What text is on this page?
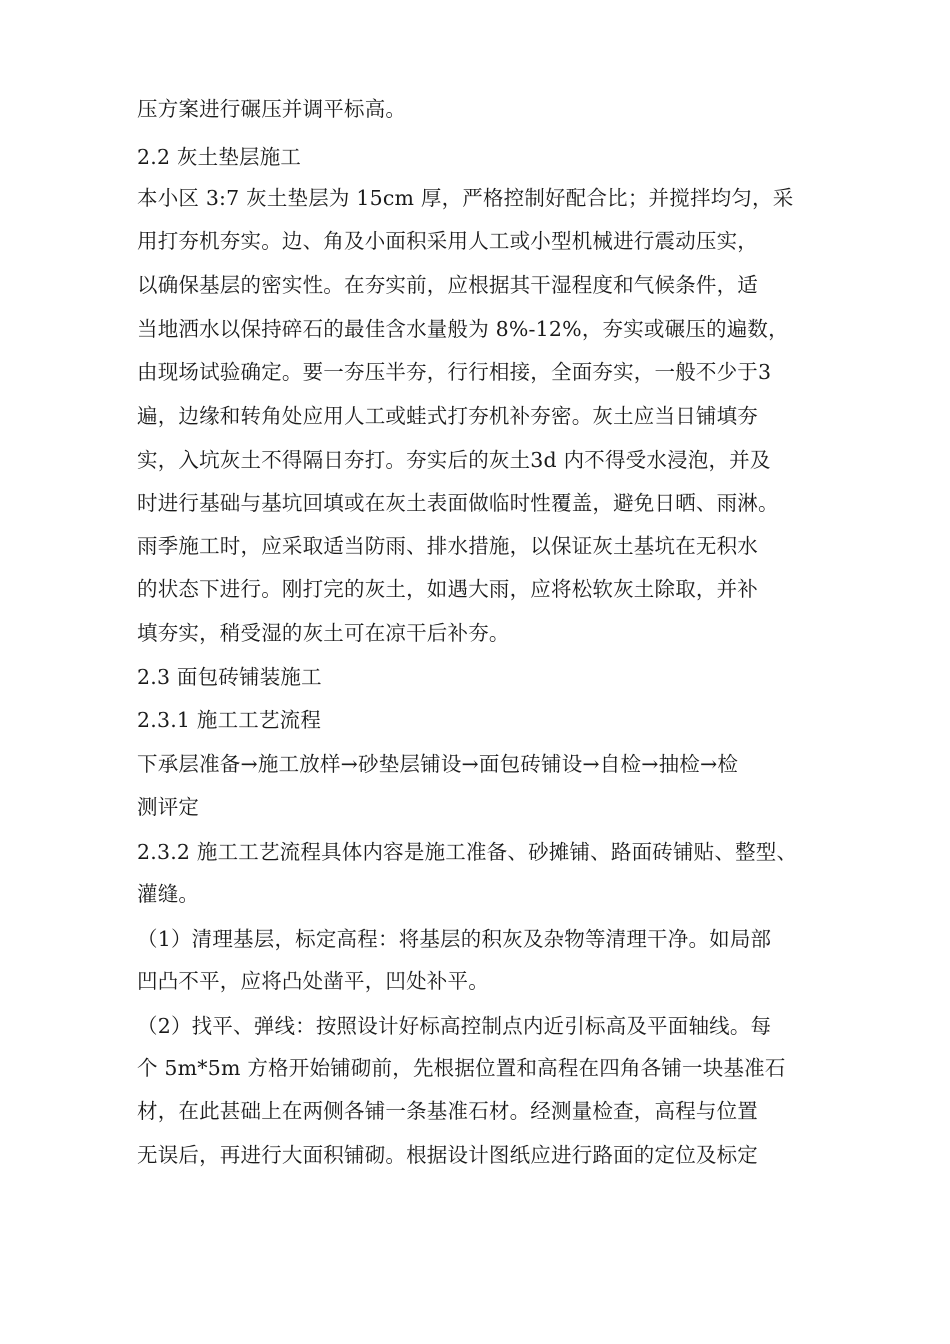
压方案进行碾压并调平标高。
2.2 灰土垫层施工
本小区 3:7 灰土垫层为 15cm 厚，严格控制好配合比；并搅拌均匀，采
用打夯机夯实。边、角及小面积采用人工或小型机械进行震动压实，
以确保基层的密实性。在夯实前，应根据其干湿程度和气候条件，适
当地洒水以保持碎石的最佳含水量般为 8%-12%，夯实或碾压的遍数，
由现场试验确定。要一夯压半夯，行行相接，全面夯实，一般不少于3
遍，边缘和转角处应用人工或蛙式打夯机补夯密。灰土应当日铺填夯
实，入坑灰土不得隔日夯打。夯实后的灰土3d 内不得受水浸泡，并及
时进行基础与基坑回填或在灰土表面做临时性覆盖，避免日晒、雨淋。
雨季施工时，应采取适当防雨、排水措施，以保证灰土基坑在无积水
的状态下进行。刚打完的灰土，如遇大雨，应将松软灰土除取，并补
填夯实，稍受湿的灰土可在凉干后补夯。
2.3 面包砖铺装施工
2.3.1 施工工艺流程
下承层准备→施工放样→砂垫层铺设→面包砖铺设→自检→抽检→检
测评定
2.3.2 施工工艺流程具体内容是施工准备、砂摊铺、路面砖铺贴、整型、
灌缝。
（1）清理基层，标定高程：将基层的积灰及杂物等清理干净。如局部
凹凸不平，应将凸处凿平，凹处补平。
（2）找平、弹线：按照设计好标高控制点内近引标高及平面轴线。每
个 5m*5m 方格开始铺砌前，先根据位置和高程在四角各铺一块基准石
材，在此甚础上在两侧各铺一条基准石材。经测量检查，高程与位置
无误后，再进行大面积铺砌。根据设计图纸应进行路面的定位及标定
